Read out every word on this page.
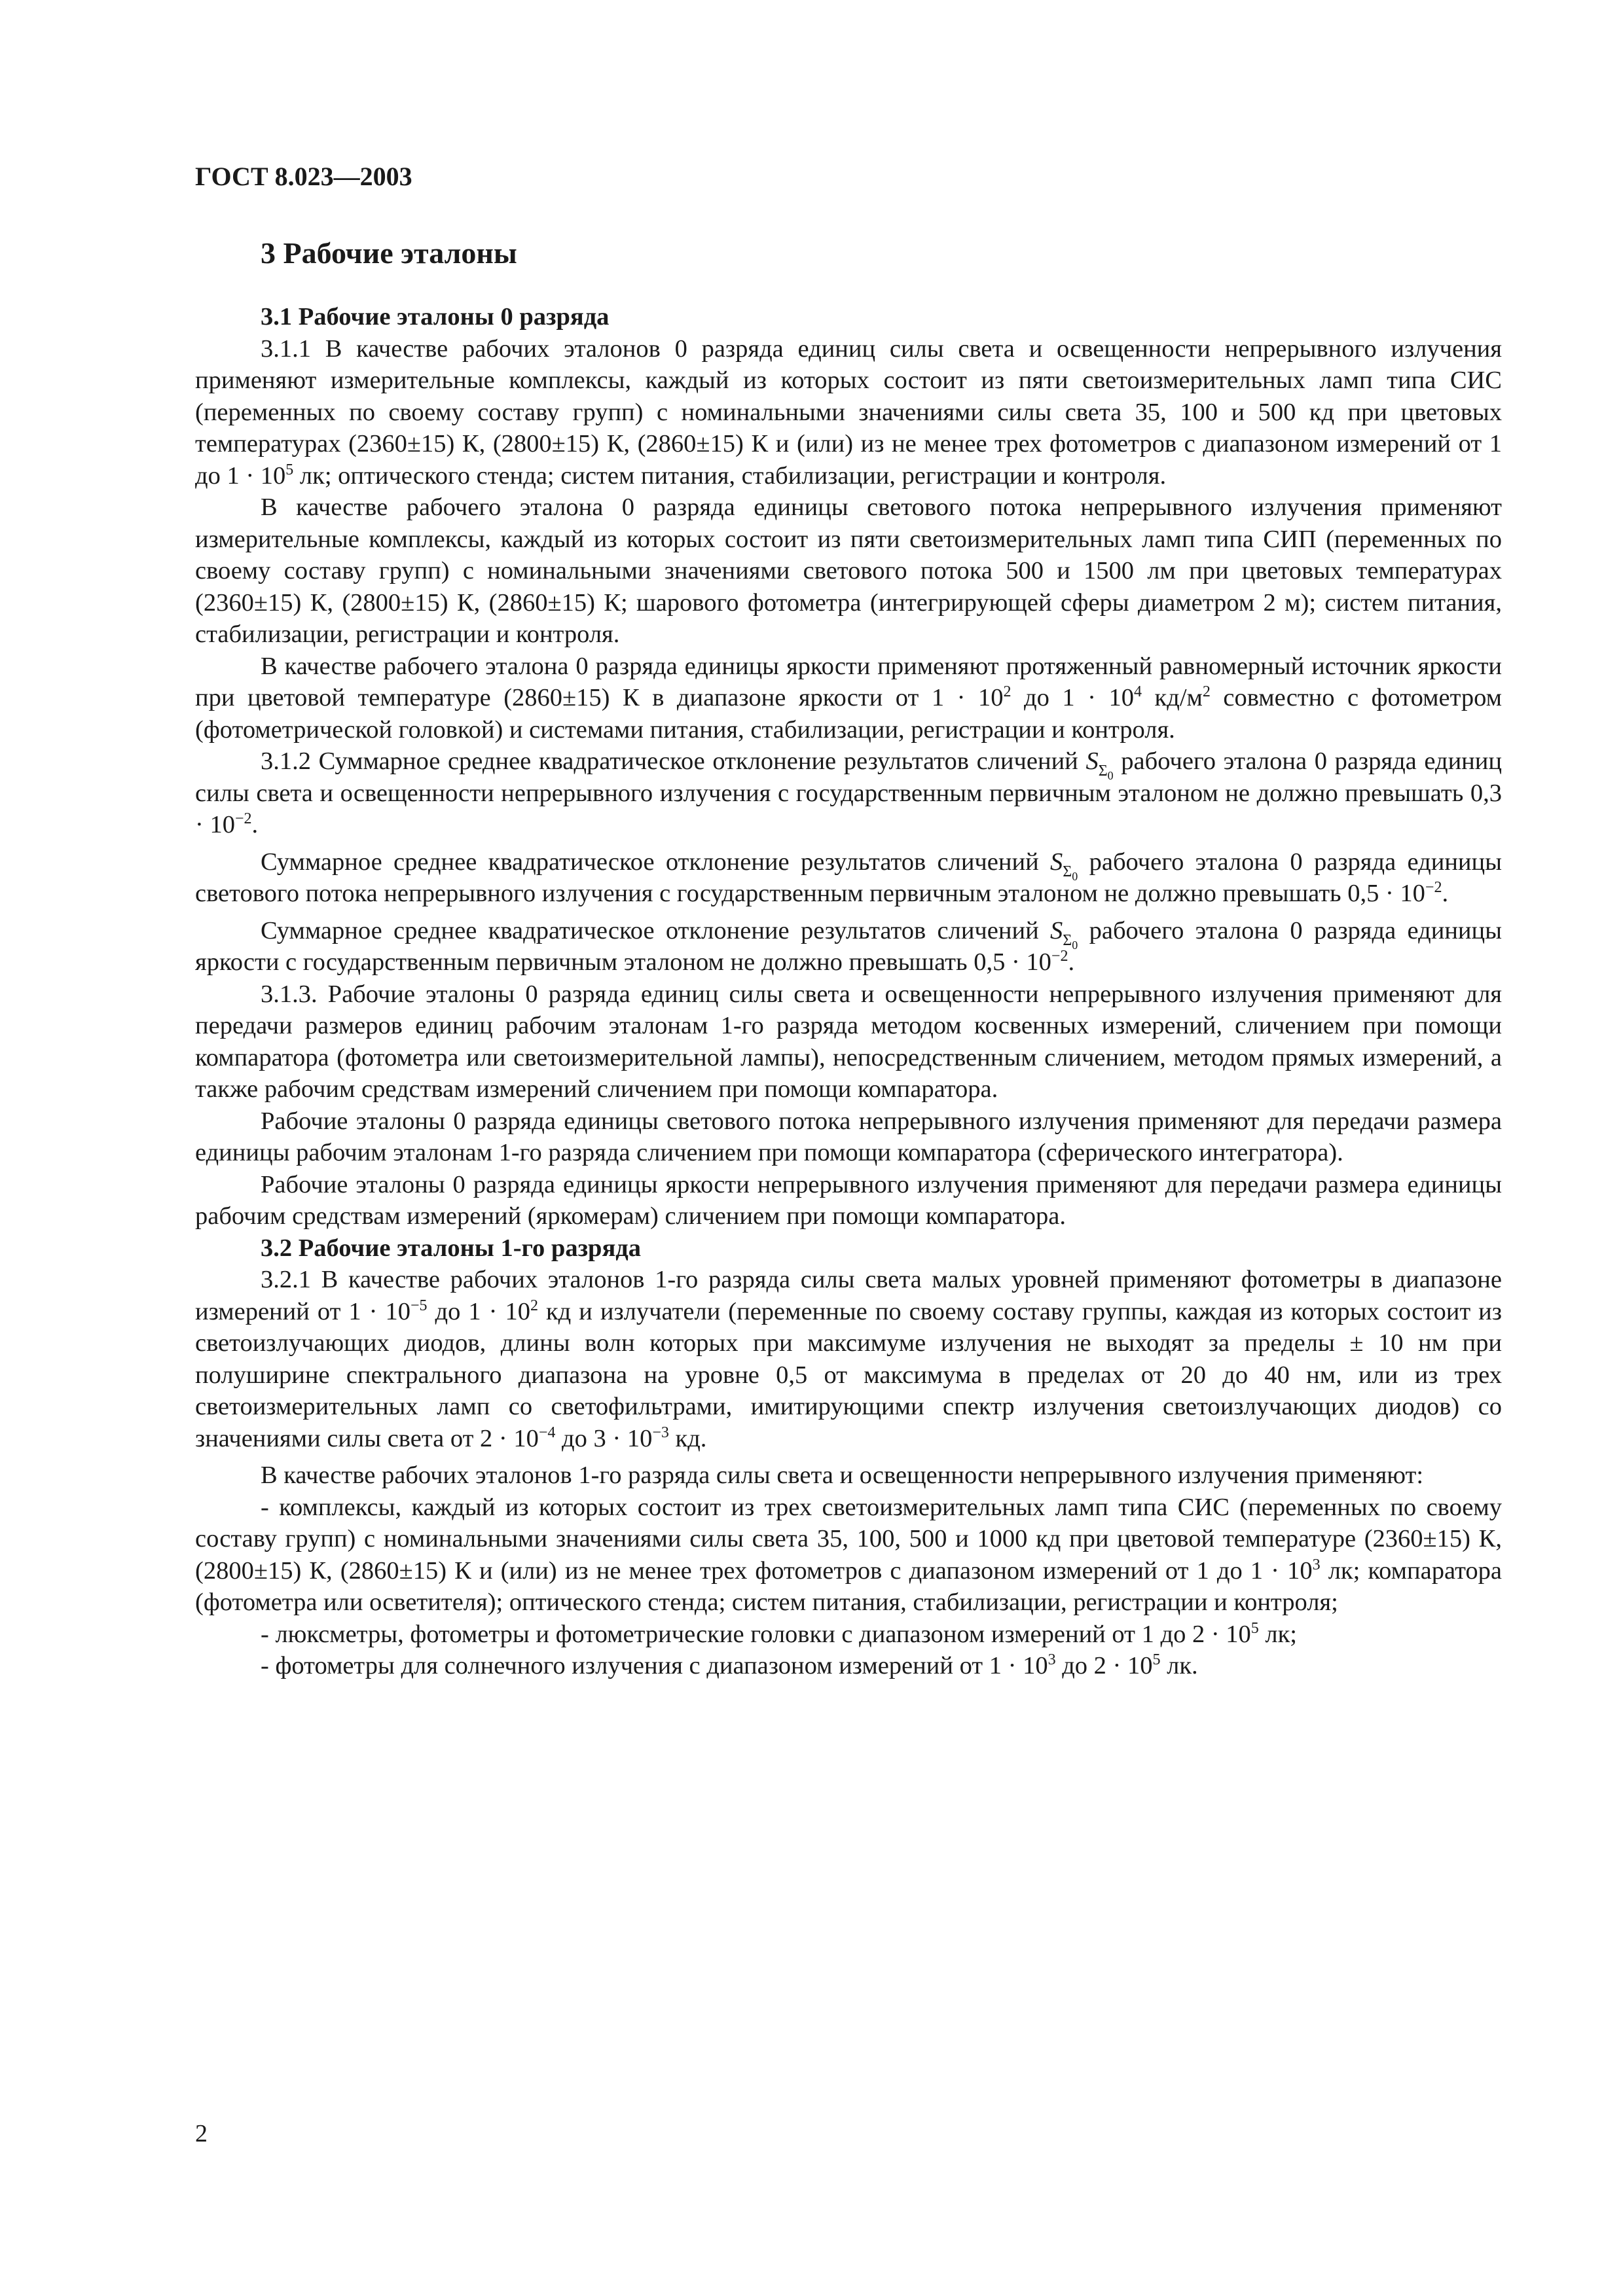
ГОСТ 8.023—2003

3 Рабочие эталоны

3.1 Рабочие эталоны 0 разряда

3.1.1 В качестве рабочих эталонов 0 разряда единиц силы света и освещенности непрерывного излучения применяют измерительные комплексы, каждый из которых состоит из пяти светоизмерительных ламп типа СИС (переменных по своему составу групп) с номинальными значениями силы света 35, 100 и 500 кд при цветовых температурах (2360±15) К, (2800±15) К, (2860±15) К и (или) из не менее трех фотометров с диапазоном измерений от 1 до $1 \cdot 10^5$ лк; оптического стенда; систем питания, стабилизации, регистрации и контроля.

В качестве рабочего эталона 0 разряда единицы светового потока непрерывного излучения применяют измерительные комплексы, каждый из которых состоит из пяти светоизмерительных ламп типа СИП (переменных по своему составу групп) с номинальными значениями светового потока 500 и 1500 лм при цветовых температурах (2360±15) К, (2800±15) К, (2860±15) К; шарового фотометра (интегрирующей сферы диаметром 2 м); систем питания, стабилизации, регистрации и контроля.

В качестве рабочего эталона 0 разряда единицы яркости применяют протяженный равномерный источник яркости при цветовой температуре (2860±15) К в диапазоне яркости от $1 \cdot 10^2$ до $1 \cdot 10^4$ $кд/м^2$ совместно с фотометром (фотометрической головкой) и системами питания, стабилизации, регистрации и контроля.

3.1.2 Суммарное среднее квадратическое отклонение результатов сличений $S_{\Sigma_0}$ рабочего эталона 0 разряда единиц силы света и освещенности непрерывного излучения с государственным первичным эталоном не должно превышать $0,3 \cdot 10^{-2}$.

Суммарное среднее квадратическое отклонение результатов сличений $S_{\Sigma_0}$ рабочего эталона 0 разряда единицы светового потока непрерывного излучения с государственным первичным эталоном не должно превышать $0,5 \cdot 10^{-2}$.

Суммарное среднее квадратическое отклонение результатов сличений $S_{\Sigma_0}$ рабочего эталона 0 разряда единицы яркости с государственным первичным эталоном не должно превышать $0,5 \cdot 10^{-2}$.

3.1.3. Рабочие эталоны 0 разряда единиц силы света и освещенности непрерывного излучения применяют для передачи размеров единиц рабочим эталонам 1-го разряда методом косвенных измерений, сличением при помощи компаратора (фотометра или светоизмерительной лампы), непосредственным сличением, методом прямых измерений, а также рабочим средствам измерений сличением при помощи компаратора.

Рабочие эталоны 0 разряда единицы светового потока непрерывного излучения применяют для передачи размера единицы рабочим эталонам 1-го разряда сличением при помощи компаратора (сферического интегратора).

Рабочие эталоны 0 разряда единицы яркости непрерывного излучения применяют для передачи размера единицы рабочим средствам измерений (яркомерам) сличением при помощи компаратора.

3.2 Рабочие эталоны 1-го разряда

3.2.1 В качестве рабочих эталонов 1-го разряда силы света малых уровней применяют фотометры в диапазоне измерений от $1 \cdot 10^{-5}$ до $1 \cdot 10^2$ кд и излучатели (переменные по своему составу группы, каждая из которых состоит из светоизлучающих диодов, длины волн которых при максимуме излучения не выходят за пределы ± 10 нм при полуширине спектрального диапазона на уровне 0,5 от максимума в пределах от 20 до 40 нм, или из трех светоизмерительных ламп со светофильтрами, имитирующими спектр излучения светоизлучающих диодов) со значениями силы света от $2 \cdot 10^{-4}$ до $3 \cdot 10^{-3}$ кд.

В качестве рабочих эталонов 1-го разряда силы света и освещенности непрерывного излучения применяют:

- комплексы, каждый из которых состоит из трех светоизмерительных ламп типа СИС (переменных по своему составу групп) с номинальными значениями силы света 35, 100, 500 и 1000 кд при цветовой температуре (2360±15) К, (2800±15) К, (2860±15) К и (или) из не менее трех фотометров с диапазоном измерений от 1 до $1 \cdot 10^3$ лк; компаратора (фотометра или осветителя); оптического стенда; систем питания, стабилизации, регистрации и контроля;

- люксметры, фотометры и фотометрические головки с диапазоном измерений от 1 до $2 \cdot 10^5$ лк;

- фотометры для солнечного излучения с диапазоном измерений от $1 \cdot 10^3$ до $2 \cdot 10^5$ лк.

2
